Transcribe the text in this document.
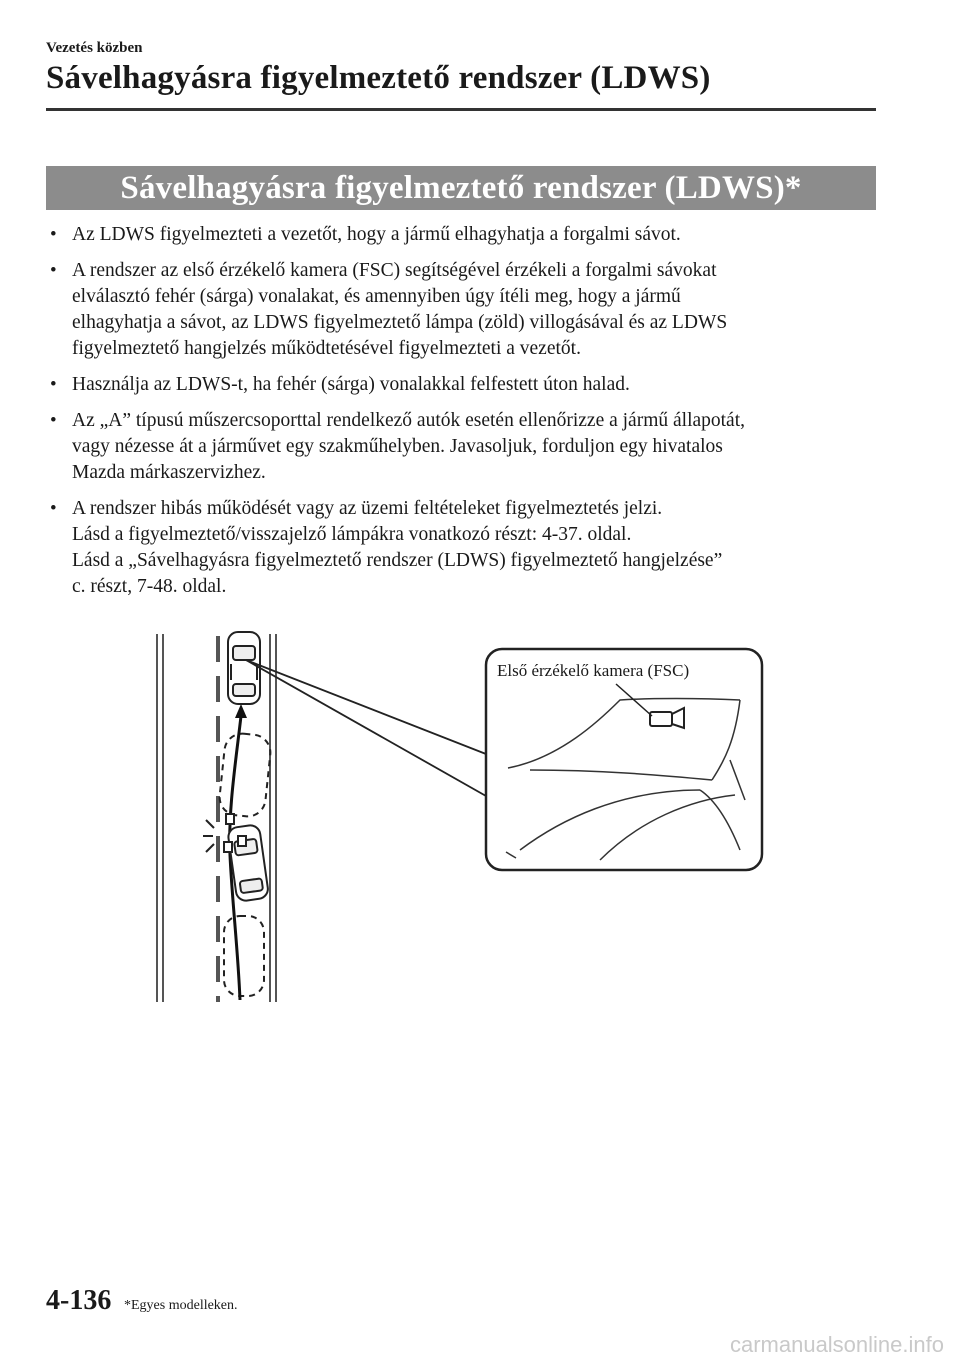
Vezetés közben
Sávelhagyásra figyelmeztető rendszer (LDWS)
Sávelhagyásra figyelmeztető rendszer (LDWS)*
• Az LDWS figyelmezteti a vezetőt, hogy a jármű elhagyhatja a forgalmi sávot.
• A rendszer az első érzékelő kamera (FSC) segítségével érzékeli a forgalmi sávokat
elválasztó fehér (sárga) vonalakat, és amennyiben úgy ítéli meg, hogy a jármű
elhagyhatja a sávot, az LDWS figyelmeztető lámpa (zöld) villogásával és az LDWS
figyelmeztető hangjelzés működtetésével figyelmezteti a vezetőt.
• Használja az LDWS-t, ha fehér (sárga) vonalakkal felfestett úton halad.
• Az „A” típusú műszercsoporttal rendelkező autók esetén ellenőrizze a jármű állapotát,
vagy nézesse át a járművet egy szakműhelyben. Javasoljuk, forduljon egy hivatalos
Mazda márkaszervizhez.
• A rendszer hibás működését vagy az üzemi feltételeket figyelmeztetés jelzi.
Lásd a figyelmeztető/visszajelző lámpákra vonatkozó részt: 4-37. oldal.
Lásd a „Sávelhagyásra figyelmeztető rendszer (LDWS) figyelmeztető hangjelzése”
c. részt, 7-48. oldal.
Első érzékelő kamera (FSC)
4-136 *Egyes modelleken.
carmanualsonline.info
